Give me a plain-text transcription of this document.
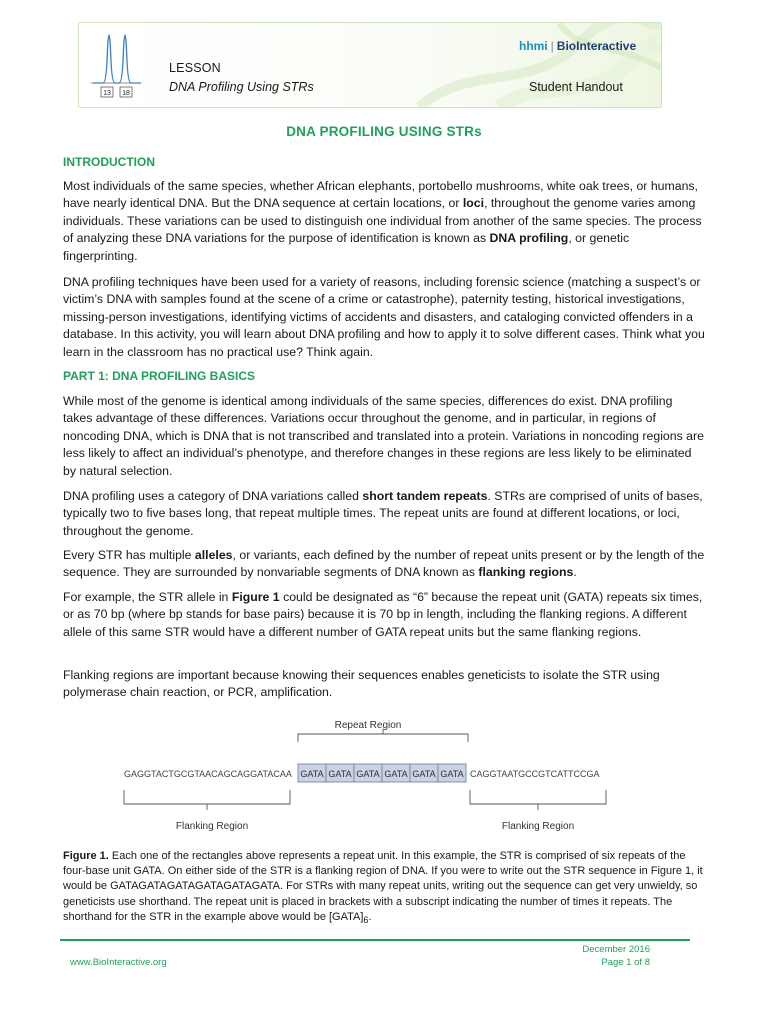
13 18
hhmi | BioInteractive
LESSON
DNA Profiling Using STRs	Student Handout
DNA PROFILING USING STRs
INTRODUCTION

Most individuals of the same species, whether African elephants, portobello mushrooms, white oak trees, or humans, have nearly identical DNA. But the DNA sequence at certain locations, or loci, throughout the genome varies among individuals. These variations can be used to distinguish one individual from another of the same species. The process of analyzing these DNA variations for the purpose of identification is known as DNA profiling, or genetic fingerprinting.

DNA profiling techniques have been used for a variety of reasons, including forensic science (matching a suspect’s or victim’s DNA with samples found at the scene of a crime or catastrophe), paternity testing, historical investigations, missing-person investigations, identifying victims of accidents and disasters, and cataloging convicted offenders in a database. In this activity, you will learn about DNA profiling and how to apply it to solve different cases. Think what you learn in the classroom has no practical use? Think again.

PART 1: DNA PROFILING BASICS

While most of the genome is identical among individuals of the same species, differences do exist. DNA profiling takes advantage of these differences. Variations occur throughout the genome, and in particular, in regions of noncoding DNA, which is DNA that is not transcribed and translated into a protein. Variations in noncoding regions are less likely to affect an individual’s phenotype, and therefore changes in these regions are less likely to be eliminated by natural selection.

DNA profiling uses a category of DNA variations called short tandem repeats. STRs are comprised of units of bases, typically two to five bases long, that repeat multiple times. The repeat units are found at different locations, or loci, throughout the genome.

Every STR has multiple alleles, or variants, each defined by the number of repeat units present or by the length of the sequence. They are surrounded by nonvariable segments of DNA known as flanking regions.

For example, the STR allele in Figure 1 could be designated as “6” because the repeat unit (GATA) repeats six times, or as 70 bp (where bp stands for base pairs) because it is 70 bp in length, including the flanking regions. A different allele of this same STR would have a different number of GATA repeat units but the same flanking regions.

Flanking regions are important because knowing their sequences enables geneticists to isolate the STR using polymerase chain reaction, or PCR, amplification.

Repeat Region
GAGGTACTGCGTAACAGCAGGATACAA GATA GATA GATA GATA GATA GATA CAGGTAATGCCGTCATTCCGA
Flanking Region	Flanking Region
Figure 1. Each one of the rectangles above represents a repeat unit. In this example, the STR is comprised of six repeats of the four-base unit GATA. On either side of the STR is a flanking region of DNA. If you were to write out the STR sequence in Figure 1, it would be GATAGATAGATAGATAGATAGATA. For STRs with many repeat units, writing out the sequence can get very unwieldy, so geneticists use shorthand. The repeat unit is placed in brackets with a subscript indicating the number of times it repeats. The shorthand for the STR in the example above would be $[GATA]_6$.
www.BioInteractive.org
December 2016
Page 1 of 8
